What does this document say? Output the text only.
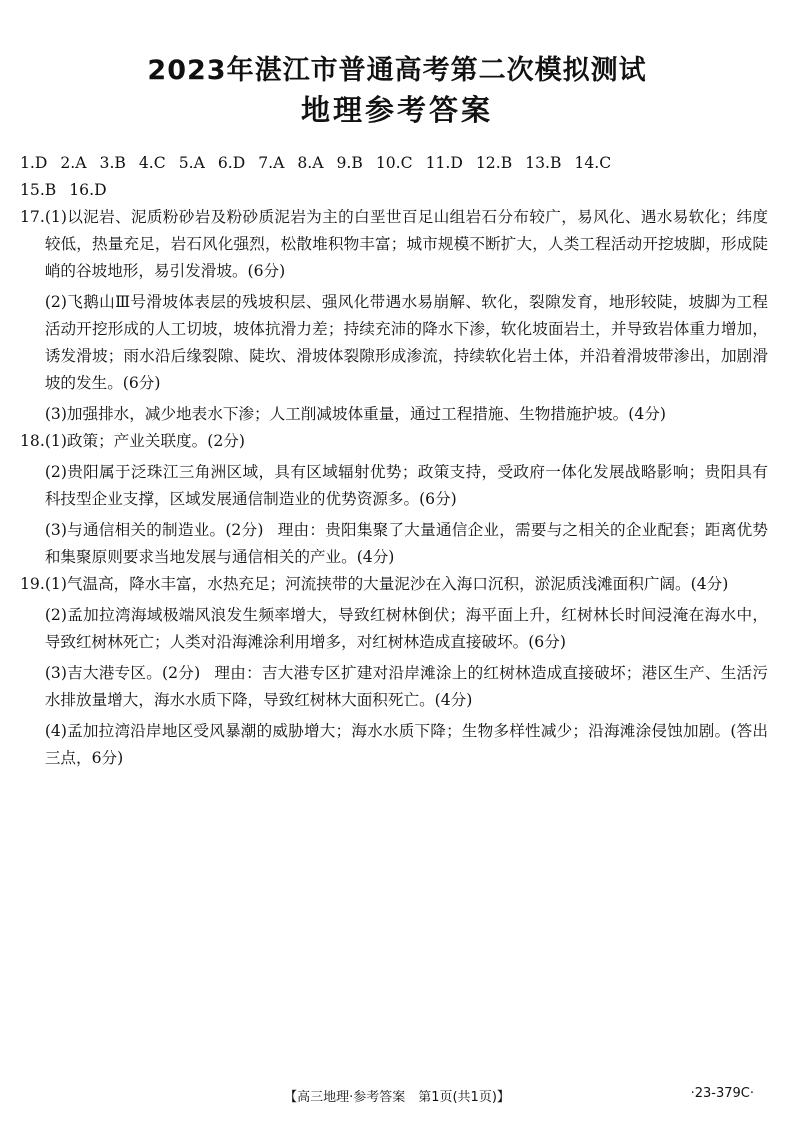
2023年湛江市普通高考第二次模拟测试
地理参考答案
1.D 2.A 3.B 4.C 5.A 6.D 7.A 8.A 9.B 10.C 11.D 12.B 13.B 14.C
15.B 16.D
17. (1)以泥岩、泥质粉砂岩及粉砂质泥岩为主的白垩世百足山组岩石分布较广，易风化、遇水易软化；纬度较低，热量充足，岩石风化强烈，松散堆积物丰富；城市规模不断扩大，人类工程活动开挖坡脚，形成陡峭的谷坡地形，易引发滑坡。(6分)

(2)飞鹅山Ⅲ号滑坡体表层的残坡积层、强风化带遇水易崩解、软化，裂隙发育，地形较陡，坡脚为工程活动开挖形成的人工切坡，坡体抗滑力差；持续充沛的降水下渗，软化坡面岩土，并导致岩体重力增加，诱发滑坡；雨水沿后缘裂隙、陡坎、滑坡体裂隙形成渗流，持续软化岩土体，并沿着滑坡带渗出，加剧滑坡的发生。(6分)

(3)加强排水，减少地表水下渗；人工削减坡体重量，通过工程措施、生物措施护坡。(4分)

18. (1)政策；产业关联度。(2分)

(2)贵阳属于泛珠江三角洲区域，具有区域辐射优势；政策支持，受政府一体化发展战略影响；贵阳具有科技型企业支撑，区域发展通信制造业的优势资源多。(6分)

(3)与通信相关的制造业。(2分) 理由：贵阳集聚了大量通信企业，需要与之相关的企业配套；距离优势和集聚原则要求当地发展与通信相关的产业。(4分)

19. (1)气温高，降水丰富，水热充足；河流挟带的大量泥沙在入海口沉积，淤泥质浅滩面积广阔。(4分)

(2)孟加拉湾海域极端风浪发生频率增大，导致红树林倒伏；海平面上升，红树林长时间浸淹在海水中，导致红树林死亡；人类对沿海滩涂利用增多，对红树林造成直接破坏。(6分)

(3)吉大港专区。(2分) 理由：吉大港专区扩建对沿岸滩涂上的红树林造成直接破坏；港区生产、生活污水排放量增大，海水水质下降，导致红树林大面积死亡。(4分)

(4)孟加拉湾沿岸地区受风暴潮的威胁增大；海水水质下降；生物多样性减少；沿海滩涂侵蚀加剧。(答出三点，6分)

【高三地理·参考答案　第1页(共1页)】	·23-379C·
